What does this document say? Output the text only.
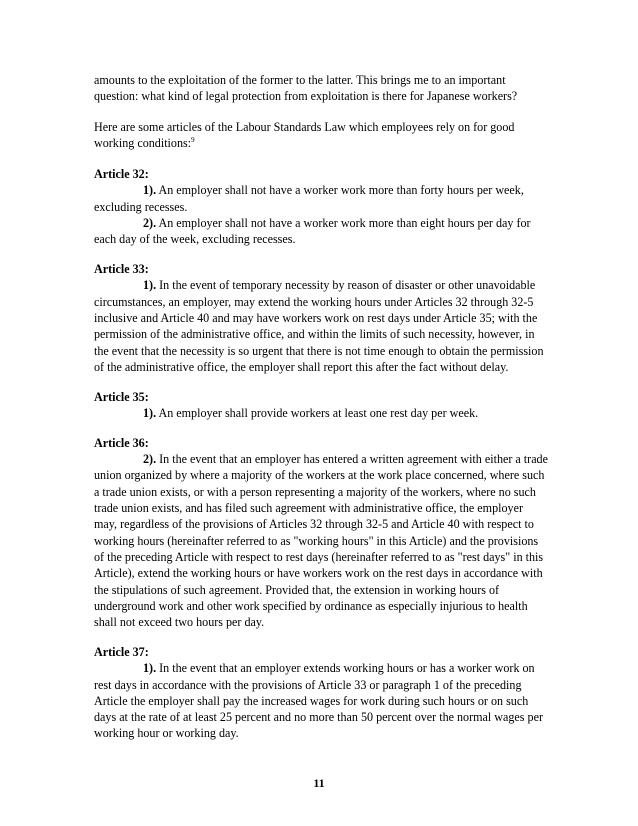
amounts to the exploitation of the former to the latter. This brings me to an important question: what kind of legal protection from exploitation is there for Japanese workers?

Here are some articles of the Labour Standards Law which employees rely on for good working conditions:$^9$

Article 32:

1). An employer shall not have a worker work more than forty hours per week, excluding recesses.

2). An employer shall not have a worker work more than eight hours per day for each day of the week, excluding recesses.

Article 33:

1). In the event of temporary necessity by reason of disaster or other unavoidable circumstances, an employer, may extend the working hours under Articles 32 through 32-5 inclusive and Article 40 and may have workers work on rest days under Article 35; with the permission of the administrative office, and within the limits of such necessity, however, in the event that the necessity is so urgent that there is not time enough to obtain the permission of the administrative office, the employer shall report this after the fact without delay.

Article 35:

1). An employer shall provide workers at least one rest day per week.

Article 36:

2). In the event that an employer has entered a written agreement with either a trade union organized by where a majority of the workers at the work place concerned, where such a trade union exists, or with a person representing a majority of the workers, where no such trade union exists, and has filed such agreement with administrative office, the employer may, regardless of the provisions of Articles 32 through 32-5 and Article 40 with respect to working hours (hereinafter referred to as "working hours" in this Article) and the provisions of the preceding Article with respect to rest days (hereinafter referred to as "rest days" in this Article), extend the working hours or have workers work on the rest days in accordance with the stipulations of such agreement. Provided that, the extension in working hours of underground work and other work specified by ordinance as especially injurious to health shall not exceed two hours per day.

Article 37:

1). In the event that an employer extends working hours or has a worker work on rest days in accordance with the provisions of Article 33 or paragraph 1 of the preceding Article the employer shall pay the increased wages for work during such hours or on such days at the rate of at least 25 percent and no more than 50 percent over the normal wages per working hour or working day.

11
